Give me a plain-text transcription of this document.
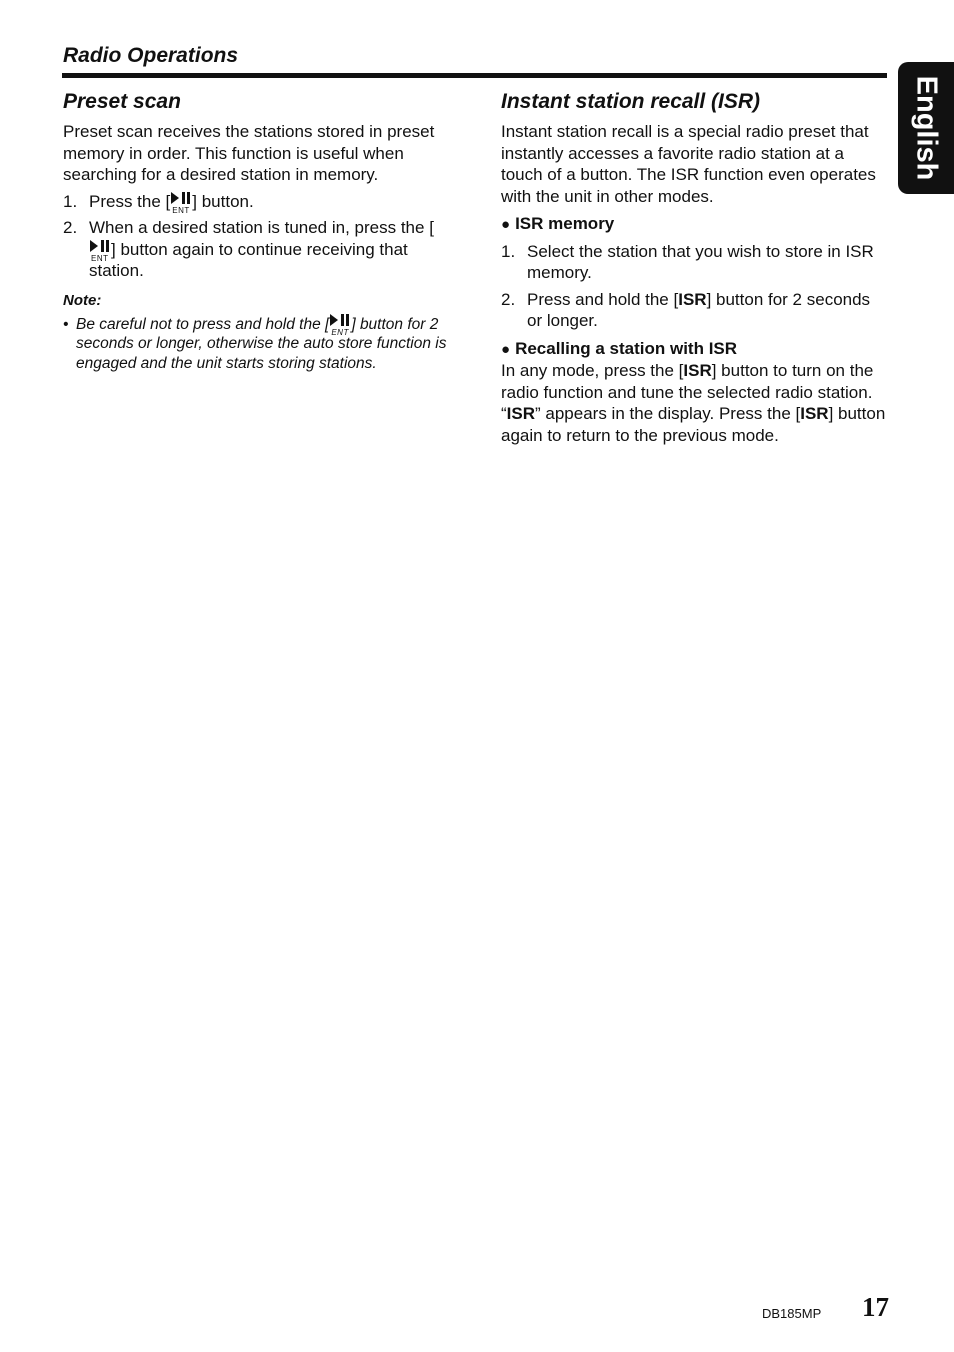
Radio Operations
English
Preset scan

Preset scan receives the stations stored in preset memory in order. This function is useful when searching for a desired station in memory.

1. Press the [ ENT ] button.
2. When a desired station is tuned in, press the [
ENT ] button again to continue receiving that station.
Note:
• Be careful not to press and hold the [ ENT ] button for 2 seconds or longer, otherwise the auto store function is engaged and the unit starts storing stations.
Instant station recall (ISR)

Instant station recall is a special radio preset that instantly accesses a favorite radio station at a touch of a button. The ISR function even operates with the unit in other modes.

● ISR memory
1. Select the station that you wish to store in ISR memory.
2. Press and hold the [ISR] button for 2 seconds or longer.
● Recalling a station with ISR

In any mode, press the [ISR] button to turn on the radio function and tune the selected radio station. “ISR” appears in the display. Press the [ISR] button again to return to the previous mode.

DB185MP 17
